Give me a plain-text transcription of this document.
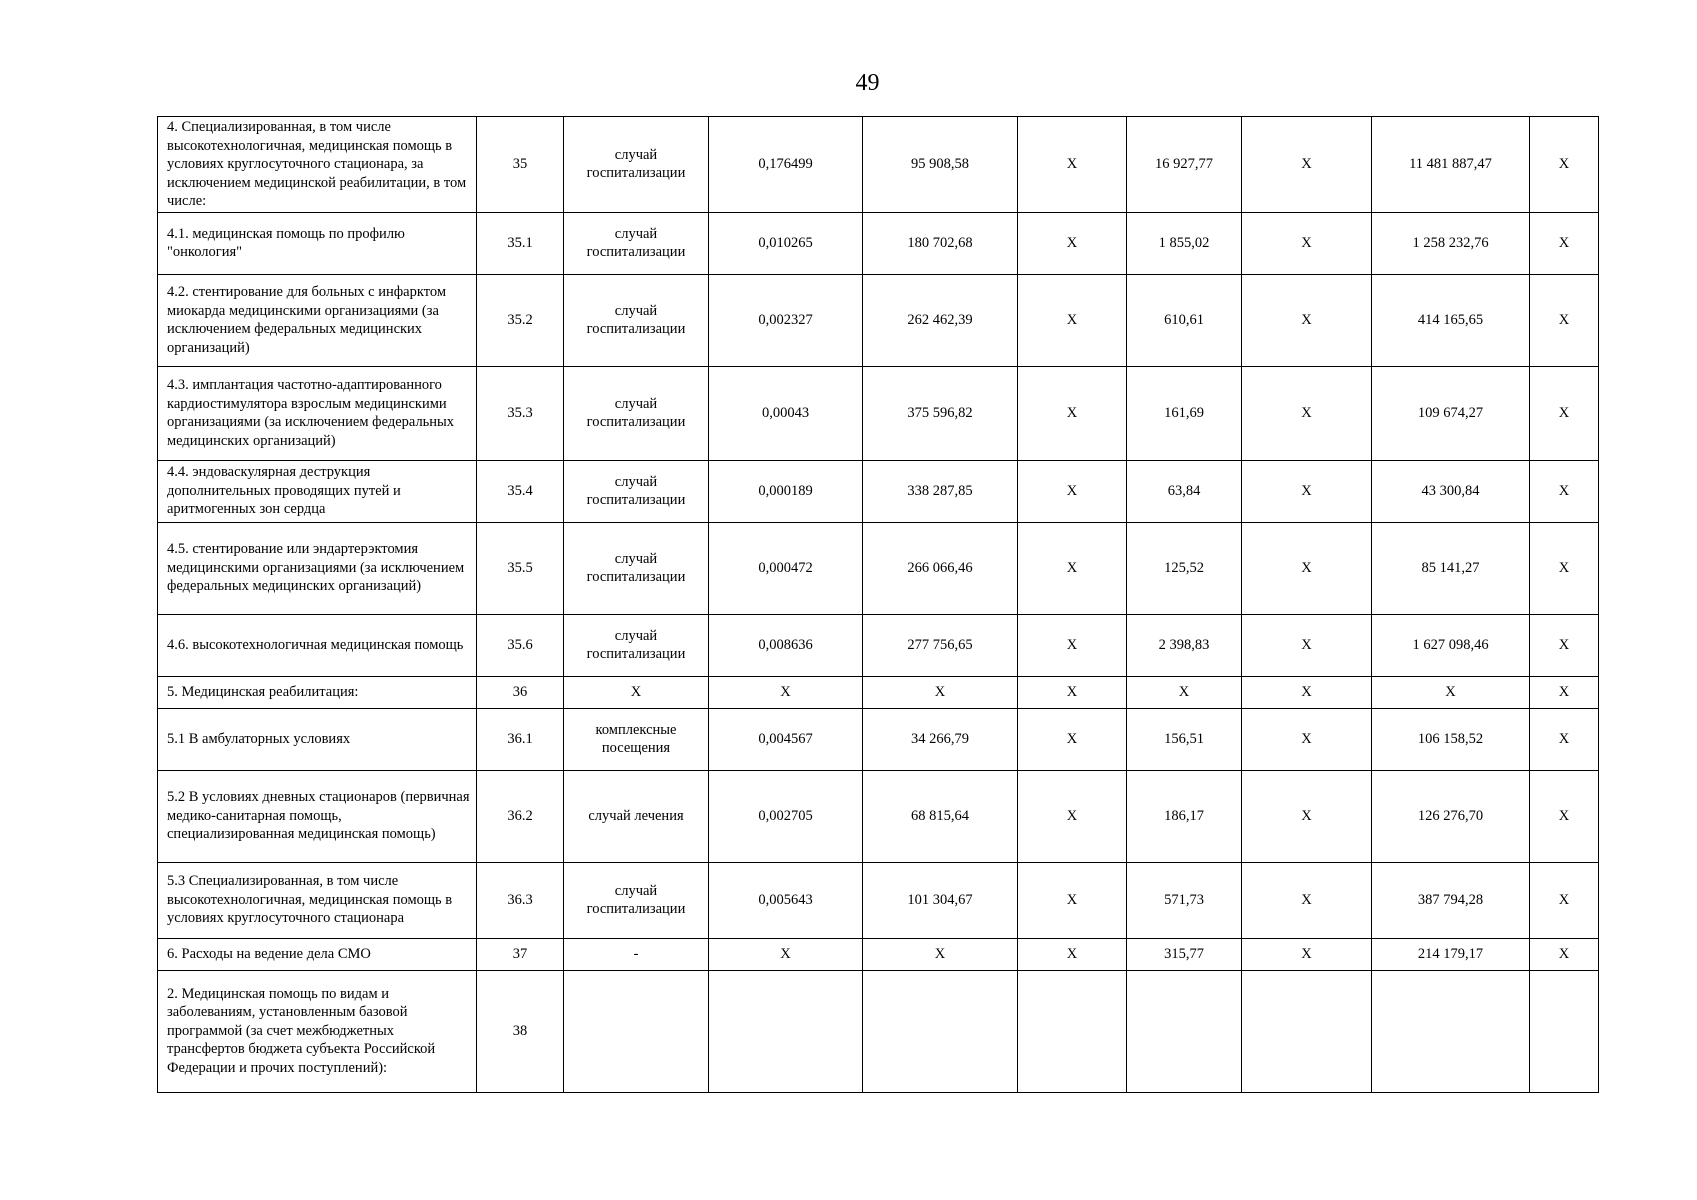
49
4. Специализированная, в том числе высокотехнологичная, медицинская помощь в условиях круглосуточного стационара, за исключением медицинской реабилитации, в том числе:	35	случай госпитализации	0,176499	95 908,58	X	16 927,77	X	11 481 887,47	X
4.1. медицинская помощь по профилю "онкология"	35.1	случай госпитализации	0,010265	180 702,68	X	1 855,02	X	1 258 232,76	X
4.2. стентирование для больных с инфарктом миокарда медицинскими организациями (за исключением федеральных медицинских организаций)	35.2	случай госпитализации	0,002327	262 462,39	X	610,61	X	414 165,65	X
4.3. имплантация частотно-адаптированного кардиостимулятора взрослым медицинскими организациями (за исключением федеральных медицинских организаций)	35.3	случай госпитализации	0,00043	375 596,82	X	161,69	X	109 674,27	X
4.4. эндоваскулярная деструкция дополнительных проводящих путей и аритмогенных зон сердца	35.4	случай госпитализации	0,000189	338 287,85	X	63,84	X	43 300,84	X
4.5. стентирование или эндартерэктомия медицинскими организациями (за исключением федеральных медицинских организаций)	35.5	случай госпитализации	0,000472	266 066,46	X	125,52	X	85 141,27	X
4.6. высокотехнологичная медицинская помощь	35.6	случай госпитализации	0,008636	277 756,65	X	2 398,83	X	1 627 098,46	X
5. Медицинская реабилитация:	36	X	X	X	X	X	X	X	X
5.1 В амбулаторных условиях	36.1	комплексные посещения	0,004567	34 266,79	X	156,51	X	106 158,52	X
5.2 В условиях дневных стационаров (первичная медико-санитарная помощь, специализированная медицинская помощь)	36.2	случай лечения	0,002705	68 815,64	X	186,17	X	126 276,70	X
5.3 Специализированная, в том числе высокотехнологичная, медицинская помощь в условиях круглосуточного стационара	36.3	случай госпитализации	0,005643	101 304,67	X	571,73	X	387 794,28	X
6. Расходы на ведение дела СМО	37	-	X	X	X	315,77	X	214 179,17	X
2. Медицинская помощь по видам и заболеваниям, установленным базовой программой (за счет межбюджетных трансфертов бюджета субъекта Российской Федерации и прочих поступлений):	38								
